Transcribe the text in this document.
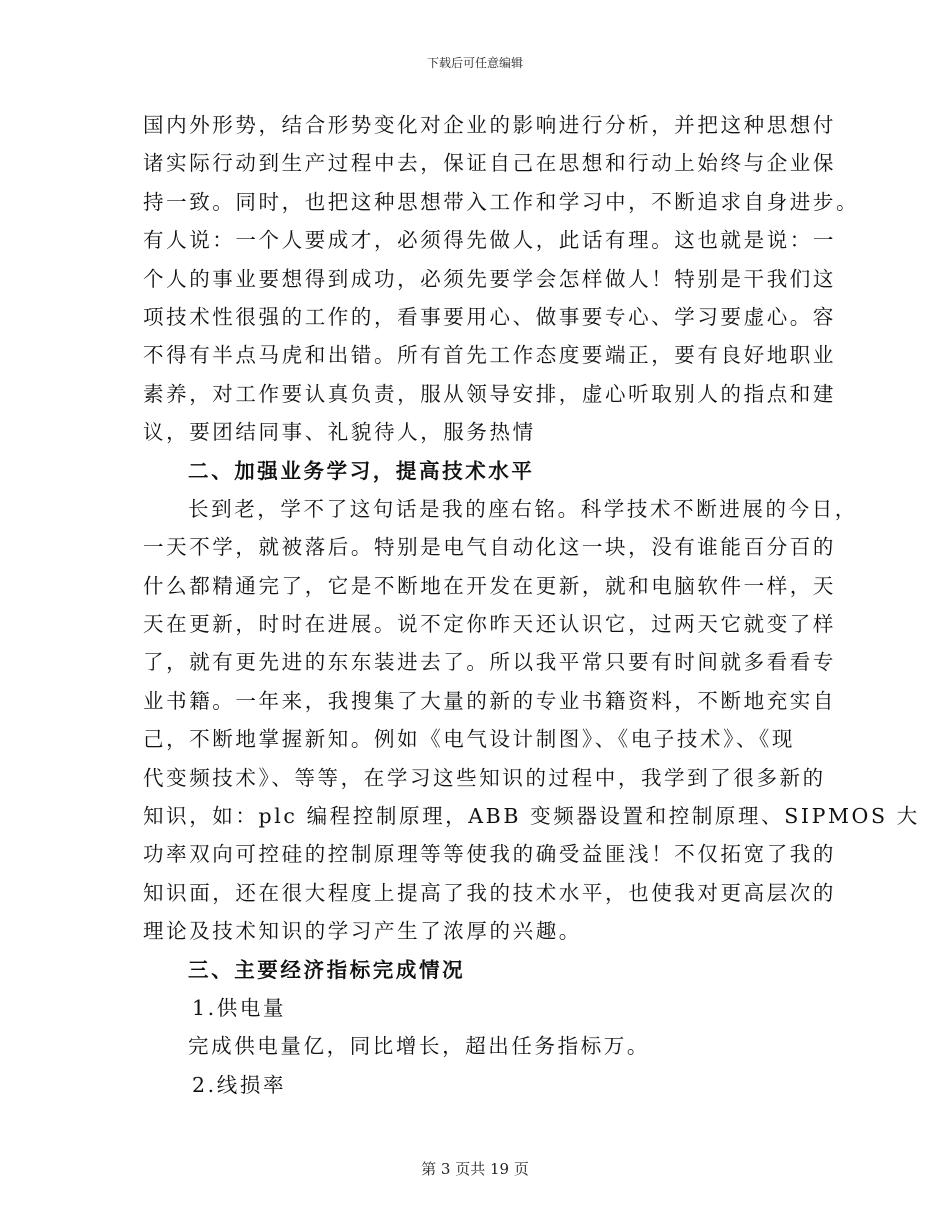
下载后可任意编辑
国内外形势，结合形势变化对企业的影响进行分析，并把这种思想付
诸实际行动到生产过程中去，保证自己在思想和行动上始终与企业保
持一致。同时，也把这种思想带入工作和学习中，不断追求自身进步。
有人说：一个人要成才，必须得先做人，此话有理。这也就是说：一
个人的事业要想得到成功，必须先要学会怎样做人！特别是干我们这
项技术性很强的工作的，看事要用心、做事要专心、学习要虚心。容
不得有半点马虎和出错。所有首先工作态度要端正，要有良好地职业
素养，对工作要认真负责，服从领导安排，虚心听取别人的指点和建
议，要团结同事、礼貌待人，服务热情
二、加强业务学习，提高技术水平
长到老，学不了这句话是我的座右铭。科学技术不断进展的今日，
一天不学，就被落后。特别是电气自动化这一块，没有谁能百分百的
什么都精通完了，它是不断地在开发在更新，就和电脑软件一样，天
天在更新，时时在进展。说不定你昨天还认识它，过两天它就变了样
了，就有更先进的东东装进去了。所以我平常只要有时间就多看看专
业书籍。一年来，我搜集了大量的新的专业书籍资料，不断地充实自
己，不断地掌握新知。例如《电气设计制图》、《电子技术》、《现
代变频技术》、等等，在学习这些知识的过程中，我学到了很多新的
知识，如：plc 编程控制原理，ABB 变频器设置和控制原理、SIPMOS 大
功率双向可控硅的控制原理等等使我的确受益匪浅！不仅拓宽了我的
知识面，还在很大程度上提高了我的技术水平，也使我对更高层次的
理论及技术知识的学习产生了浓厚的兴趣。
三、主要经济指标完成情况
1.供电量
完成供电量亿，同比增长，超出任务指标万。
2.线损率
第 3 页共 19 页
